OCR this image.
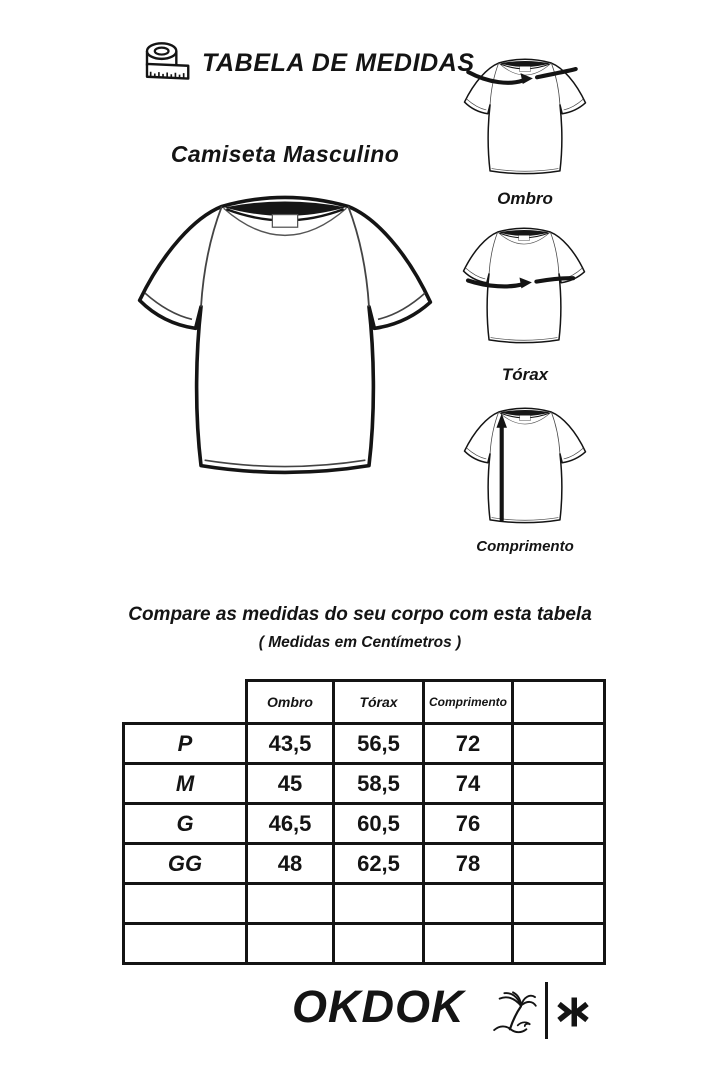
TABELA DE MEDIDAS
Camiseta Masculino
Ombro
Tórax
Comprimento
Compare as medidas do seu corpo com esta tabela
( Medidas em Centímetros )
	Ombro	Tórax	Comprimento	
P	43,5	56,5	72	
M	45	58,5	74	
G	46,5	60,5	76	
GG	48	62,5	78	

OKDOK
